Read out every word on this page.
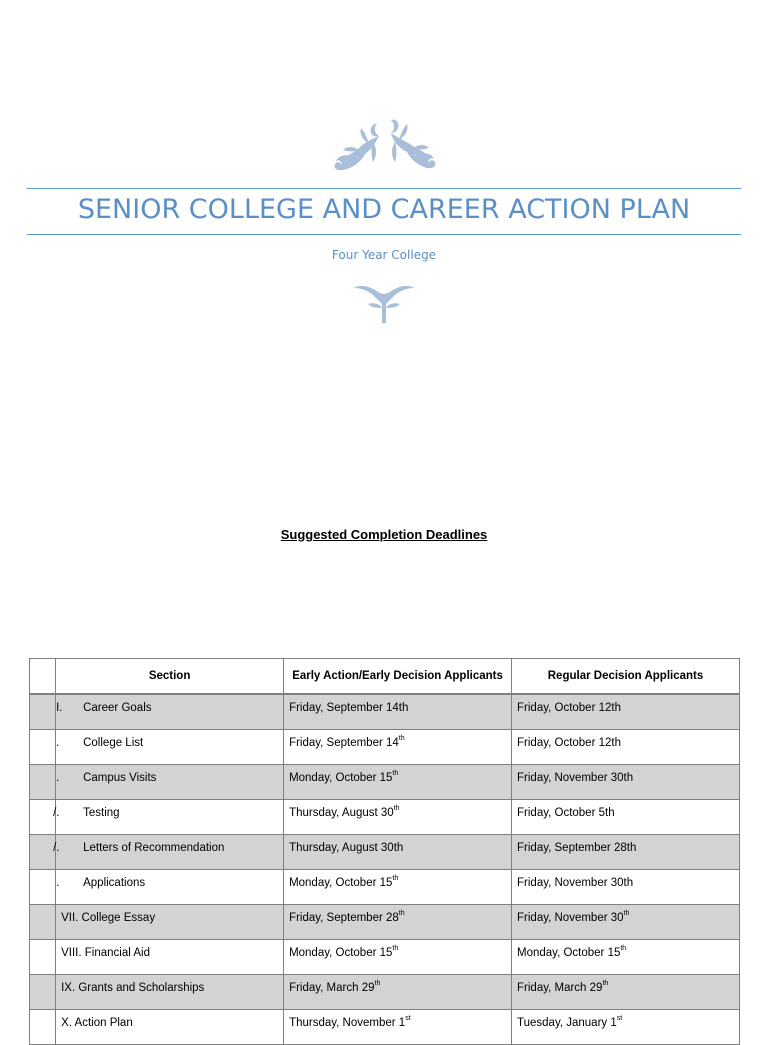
SENIOR COLLEGE AND CAREER ACTION PLAN
Four Year College
Suggested Completion Deadlines
	Section	Early Action/Early Decision Applicants	Regular Decision Applicants

	I. Career Goals	Friday, September 14th	Friday, October 12th

	. College List	Friday, September 14th	Friday, October 12th

	. Campus Visits	Monday, October 15th	Friday, November 30th

	/. Testing	Thursday, August 30th	Friday, October 5th

	/. Letters of Recommendation	Thursday, August 30th	Friday, September 28th

	. Applications	Monday, October 15th	Friday, November 30th

	VII. College Essay	Friday, September 28th	Friday, November 30th

	VIII. Financial Aid	Monday, October 15th	Monday, October 15th

	IX. Grants and Scholarships	Friday, March 29th	Friday, March 29th

	X. Action Plan	Thursday, November 1st	Tuesday, January 1st
